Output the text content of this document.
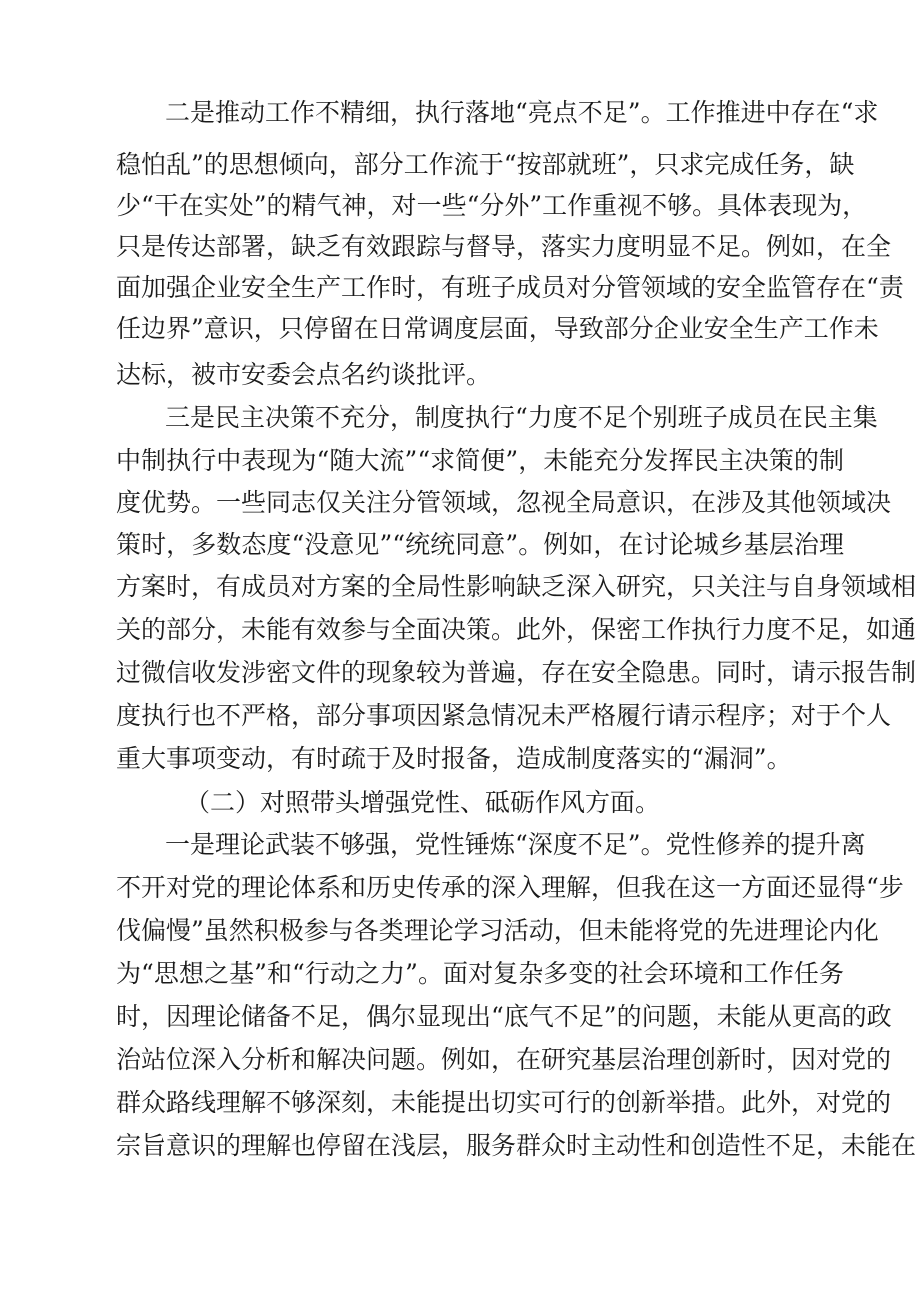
二是推动工作不精细，执行落地“亮点不足”。工作推进中存在“求
稳怕乱”的思想倾向，部分工作流于“按部就班”，只求完成任务，缺
少“干在实处”的精气神，对一些“分外”工作重视不够。具体表现为，
只是传达部署，缺乏有效跟踪与督导，落实力度明显不足。例如，在全
面加强企业安全生产工作时，有班子成员对分管领域的安全监管存在“责
任边界”意识，只停留在日常调度层面，导致部分企业安全生产工作未
达标，被市安委会点名约谈批评。
三是民主决策不充分，制度执行“力度不足个别班子成员在民主集
中制执行中表现为“随大流”“求简便”，未能充分发挥民主决策的制
度优势。一些同志仅关注分管领域，忽视全局意识，在涉及其他领域决
策时，多数态度“没意见”“统统同意”。例如，在讨论城乡基层治理
方案时，有成员对方案的全局性影响缺乏深入研究，只关注与自身领域相
关的部分，未能有效参与全面决策。此外，保密工作执行力度不足，如通
过微信收发涉密文件的现象较为普遍，存在安全隐患。同时，请示报告制
度执行也不严格，部分事项因紧急情况未严格履行请示程序；对于个人
重大事项变动，有时疏于及时报备，造成制度落实的“漏洞”。
（二）对照带头增强党性、砥砺作风方面。
一是理论武装不够强，党性锤炼“深度不足”。党性修养的提升离
不开对党的理论体系和历史传承的深入理解，但我在这一方面还显得“步
伐偏慢”虽然积极参与各类理论学习活动，但未能将党的先进理论内化
为“思想之基”和“行动之力”。面对复杂多变的社会环境和工作任务
时，因理论储备不足，偶尔显现出“底气不足”的问题，未能从更高的政
治站位深入分析和解决问题。例如，在研究基层治理创新时，因对党的
群众路线理解不够深刻，未能提出切实可行的创新举措。此外，对党的
宗旨意识的理解也停留在浅层，服务群众时主动性和创造性不足，未能在
